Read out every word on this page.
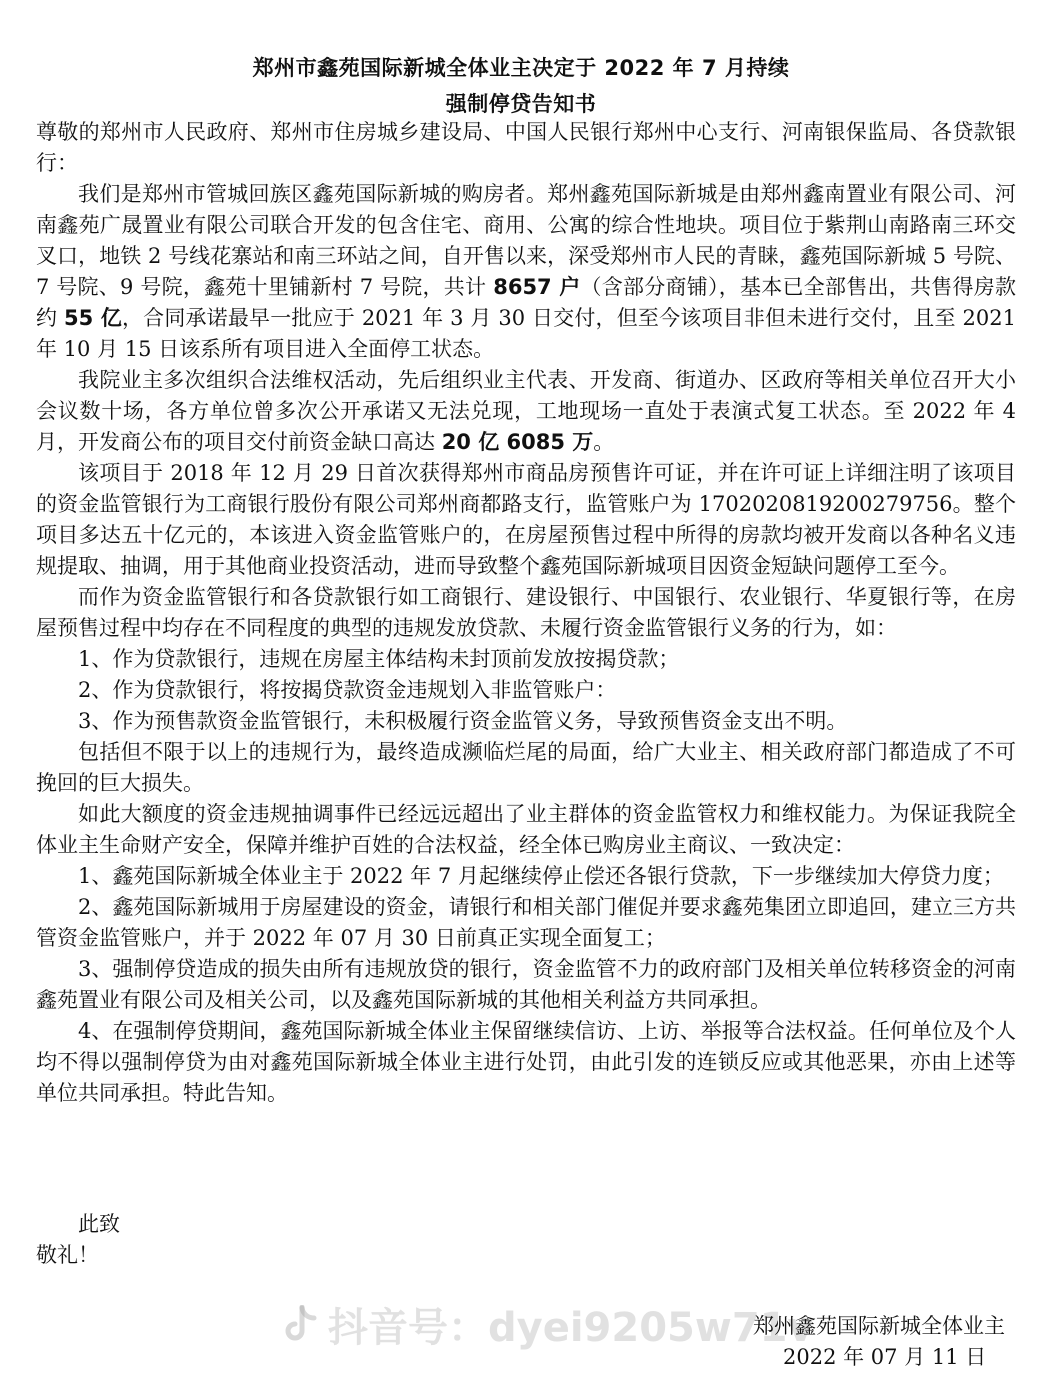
郑州市鑫苑国际新城全体业主决定于 2022 年 7 月持续
强制停贷告知书

尊敬的郑州市人民政府、郑州市住房城乡建设局、中国人民银行郑州中心支行、河南银保监局、各贷款银行：

我们是郑州市管城回族区鑫苑国际新城的购房者。郑州鑫苑国际新城是由郑州鑫南置业有限公司、河南鑫苑广晟置业有限公司联合开发的包含住宅、商用、公寓的综合性地块。项目位于紫荆山南路南三环交叉口，地铁 2 号线花寨站和南三环站之间，自开售以来，深受郑州市人民的青睐，鑫苑国际新城 5 号院、7 号院、9 号院，鑫苑十里铺新村 7 号院，共计 8657 户（含部分商铺），基本已全部售出，共售得房款约 55 亿，合同承诺最早一批应于 2021 年 3 月 30 日交付，但至今该项目非但未进行交付，且至 2021 年 10 月 15 日该系所有项目进入全面停工状态。

我院业主多次组织合法维权活动，先后组织业主代表、开发商、街道办、区政府等相关单位召开大小会议数十场，各方单位曾多次公开承诺又无法兑现，工地现场一直处于表演式复工状态。至 2022 年 4 月，开发商公布的项目交付前资金缺口高达 20 亿 6085 万。

该项目于 2018 年 12 月 29 日首次获得郑州市商品房预售许可证，并在许可证上详细注明了该项目的资金监管银行为工商银行股份有限公司郑州商都路支行，监管账户为 1702020819200279756。整个项目多达五十亿元的，本该进入资金监管账户的，在房屋预售过程中所得的房款均被开发商以各种名义违规提取、抽调，用于其他商业投资活动，进而导致整个鑫苑国际新城项目因资金短缺问题停工至今。

而作为资金监管银行和各贷款银行如工商银行、建设银行、中国银行、农业银行、华夏银行等，在房屋预售过程中均存在不同程度的典型的违规发放贷款、未履行资金监管银行义务的行为，如：

1、作为贷款银行，违规在房屋主体结构未封顶前发放按揭贷款；

2、作为贷款银行，将按揭贷款资金违规划入非监管账户：

3、作为预售款资金监管银行，未积极履行资金监管义务，导致预售资金支出不明。

包括但不限于以上的违规行为，最终造成濒临烂尾的局面，给广大业主、相关政府部门都造成了不可挽回的巨大损失。

如此大额度的资金违规抽调事件已经远远超出了业主群体的资金监管权力和维权能力。为保证我院全体业主生命财产安全，保障并维护百姓的合法权益，经全体已购房业主商议、一致决定：

1、鑫苑国际新城全体业主于 2022 年 7 月起继续停止偿还各银行贷款，下一步继续加大停贷力度；

2、鑫苑国际新城用于房屋建设的资金，请银行和相关部门催促并要求鑫苑集团立即追回，建立三方共管资金监管账户，并于 2022 年 07 月 30 日前真正实现全面复工；

3、强制停贷造成的损失由所有违规放贷的银行，资金监管不力的政府部门及相关单位转移资金的河南鑫苑置业有限公司及相关公司，以及鑫苑国际新城的其他相关利益方共同承担。

4、在强制停贷期间，鑫苑国际新城全体业主保留继续信访、上访、举报等合法权益。任何单位及个人均不得以强制停贷为由对鑫苑国际新城全体业主进行处罚，由此引发的连锁反应或其他恶果，亦由上述等单位共同承担。特此告知。

此致
敬礼！
抖音号：dyei9205w71v
郑州鑫苑国际新城全体业主
2022 年 07 月 11 日
